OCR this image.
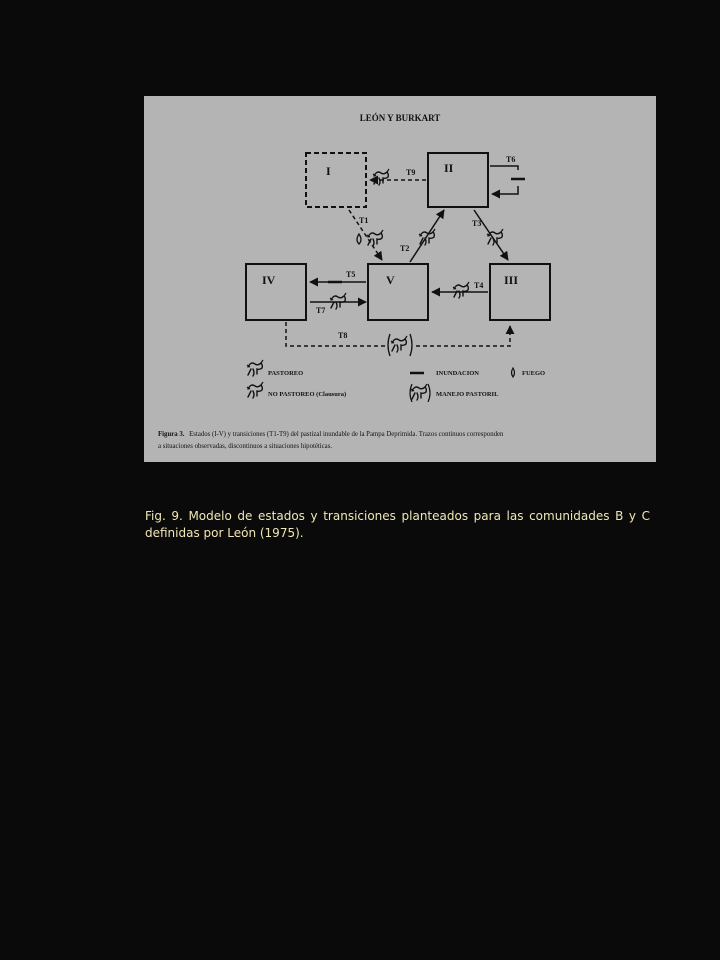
LEÓN Y BURKART
I	II
III
IV	V
T9
T6
T1
T2
T3
T4
T5
T7
T8
PASTOREO
NO PASTOREO (Clausura)
INUNDACION	FUEGO
MANEJO PASTORIL
Figura 3. Estados (I-V) y transiciones (T1-T9) del pastizal inundable de la Pampa Deprimida. Trazos continuos corresponden
a situaciones observadas, discontinuos a situaciones hipotéticas.
Fig. 9. Modelo de estados y transiciones planteados para las comunidades B y C definidas por León (1975).
